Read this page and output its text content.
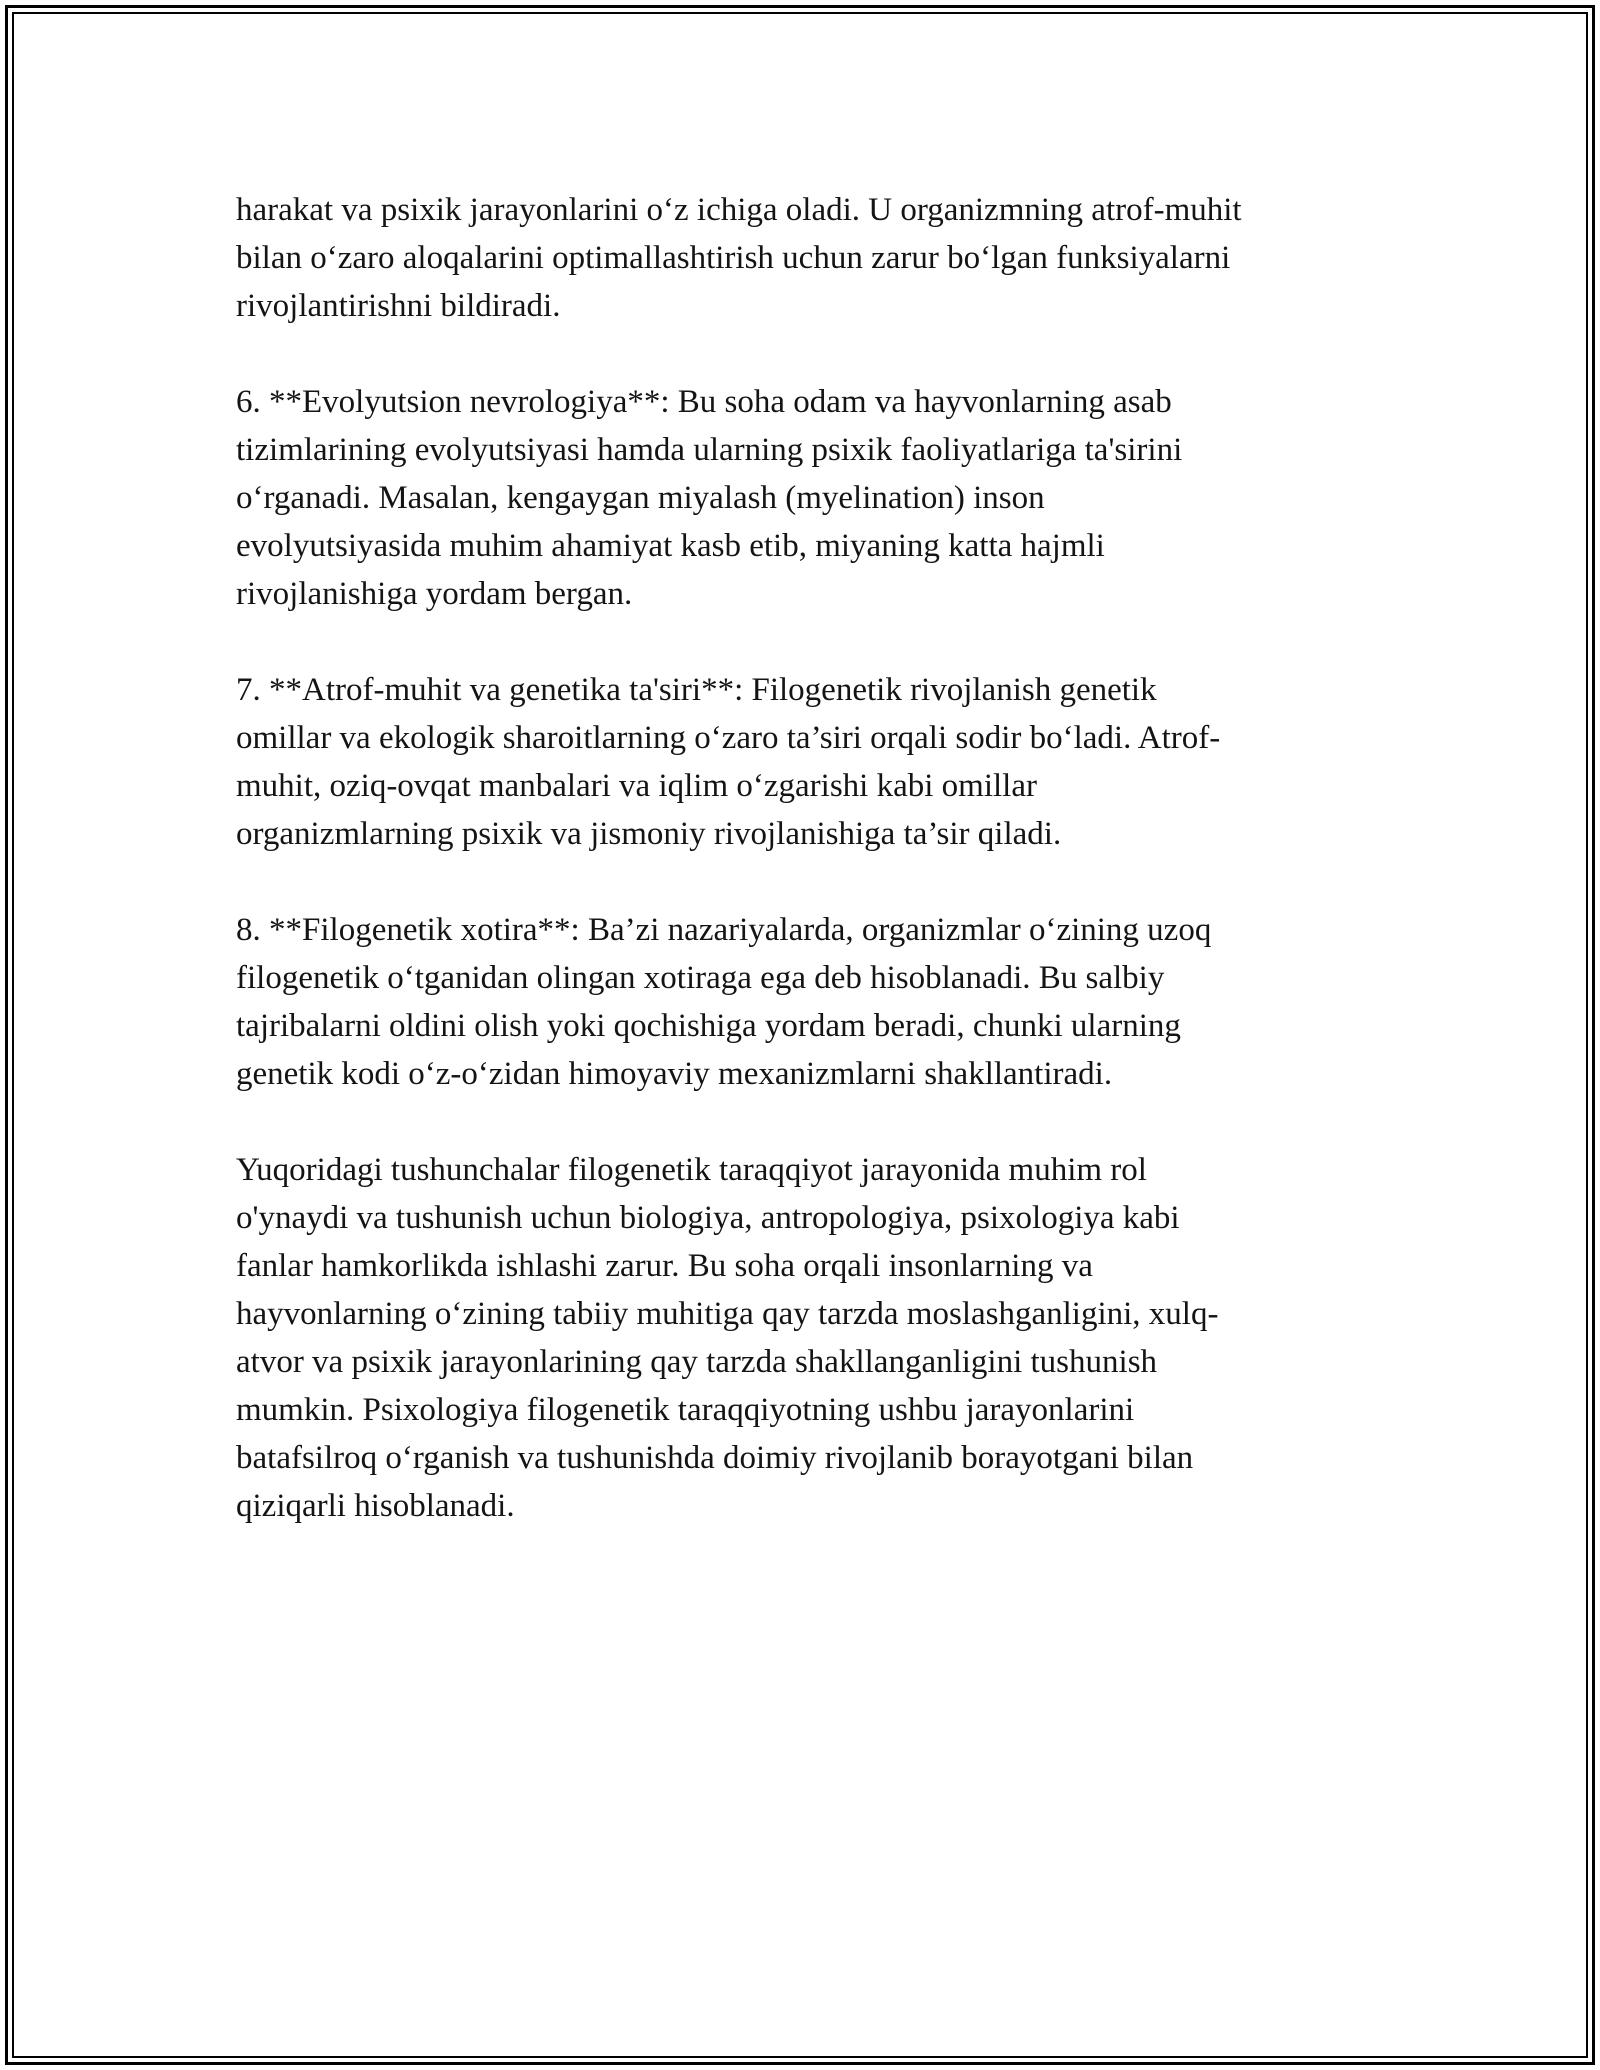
harakat va psixik jarayonlarini o‘z ichiga oladi. U organizmning atrof-muhit
bilan o‘zaro aloqalarini optimallashtirish uchun zarur bo‘lgan funksiyalarni
rivojlantirishni bildiradi.

6. **Evolyutsion nevrologiya**: Bu soha odam va hayvonlarning asab
tizimlarining evolyutsiyasi hamda ularning psixik faoliyatlariga ta'sirini
o‘rganadi. Masalan, kengaygan miyalash (myelination) inson
evolyutsiyasida muhim ahamiyat kasb etib, miyaning katta hajmli
rivojlanishiga yordam bergan.

7. **Atrof-muhit va genetika ta'siri**: Filogenetik rivojlanish genetik
omillar va ekologik sharoitlarning o‘zaro ta’siri orqali sodir bo‘ladi. Atrof-
muhit, oziq-ovqat manbalari va iqlim o‘zgarishi kabi omillar
organizmlarning psixik va jismoniy rivojlanishiga ta’sir qiladi.

8. **Filogenetik xotira**: Ba’zi nazariyalarda, organizmlar o‘zining uzoq
filogenetik o‘tganidan olingan xotiraga ega deb hisoblanadi. Bu salbiy
tajribalarni oldini olish yoki qochishiga yordam beradi, chunki ularning
genetik kodi o‘z-o‘zidan himoyaviy mexanizmlarni shakllantiradi.

Yuqoridagi tushunchalar filogenetik taraqqiyot jarayonida muhim rol
o'ynaydi va tushunish uchun biologiya, antropologiya, psixologiya kabi
fanlar hamkorlikda ishlashi zarur. Bu soha orqali insonlarning va
hayvonlarning o‘zining tabiiy muhitiga qay tarzda moslashganligini, xulq-
atvor va psixik jarayonlarining qay tarzda shakllanganligini tushunish
mumkin. Psixologiya filogenetik taraqqiyotning ushbu jarayonlarini
batafsilroq o‘rganish va tushunishda doimiy rivojlanib borayotgani bilan
qiziqarli hisoblanadi.
